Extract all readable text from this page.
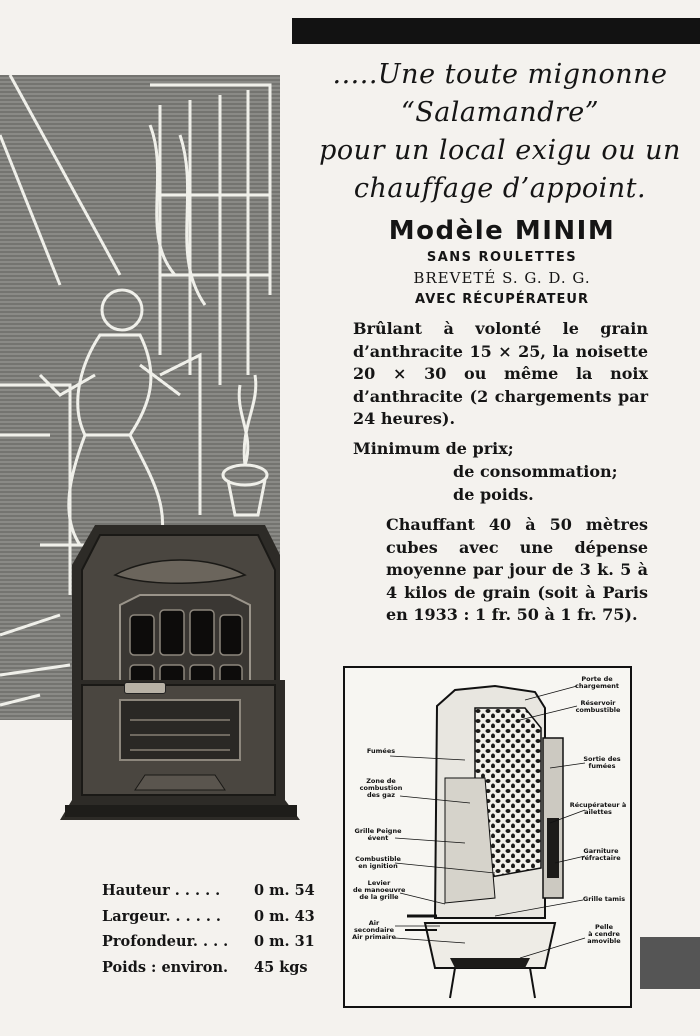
.....Une toute mignonne
“Salamandre”
pour un local exigu ou un
chauffage d’appoint.
Modèle MINIM
SANS ROULETTES
BREVETÉ S. G. D. G.
AVEC RÉCUPÉRATEUR
Brûlant à volonté le grain d’anthracite 15 × 25, la noisette 20 × 30 ou même la noix d’anthracite (2 chargements par 24 heures).
Minimum de prix;
de consommation;
de poids.
Chauffant 40 à 50 mètres cubes avec une dépense moyenne par jour de 3 k. 5 à 4 kilos de grain (soit à Paris en 1933 : 1 fr. 50 à 1 fr. 75).
Porte de chargement
Réservoir combustible
Fumées
Sortie des fumées
Zone de
combustion
des gaz
Récupérateur à ailettes
Grille Peigne évent
Garniture réfractaire
Combustible en ignition
Levier
de manoeuvre
de la grille	Grille tamis
Air secondaire
Air primaire
Pelle
à cendre
amovible
Hauteur . . . . . 0 m. 54
Largeur. . . . . . 0 m. 43
Profondeur. . . . 0 m. 31
Poids : environ. 45 kgs
